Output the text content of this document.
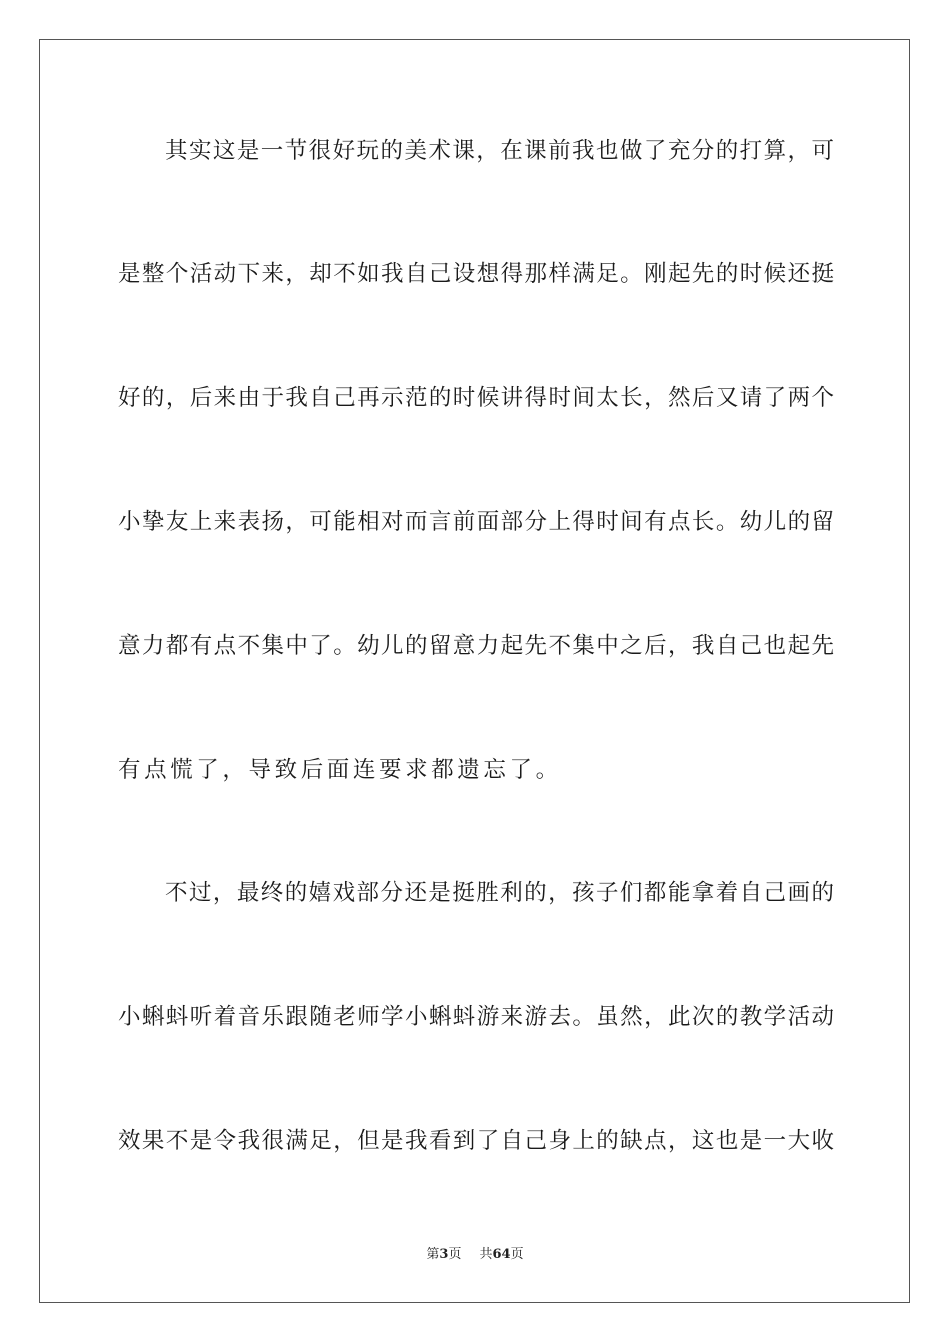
其实这是一节很好玩的美术课，在课前我也做了充分的打算，可
是整个活动下来，却不如我自己设想得那样满足。刚起先的时候还挺
好的，后来由于我自己再示范的时候讲得时间太长，然后又请了两个
小挚友上来表扬，可能相对而言前面部分上得时间有点长。幼儿的留
意力都有点不集中了。幼儿的留意力起先不集中之后，我自己也起先
有点慌了，导致后面连要求都遗忘了。
不过，最终的嬉戏部分还是挺胜利的，孩子们都能拿着自己画的
小蝌蚪听着音乐跟随老师学小蝌蚪游来游去。虽然，此次的教学活动
效果不是令我很满足，但是我看到了自己身上的缺点，这也是一大收
第3页 共64页
